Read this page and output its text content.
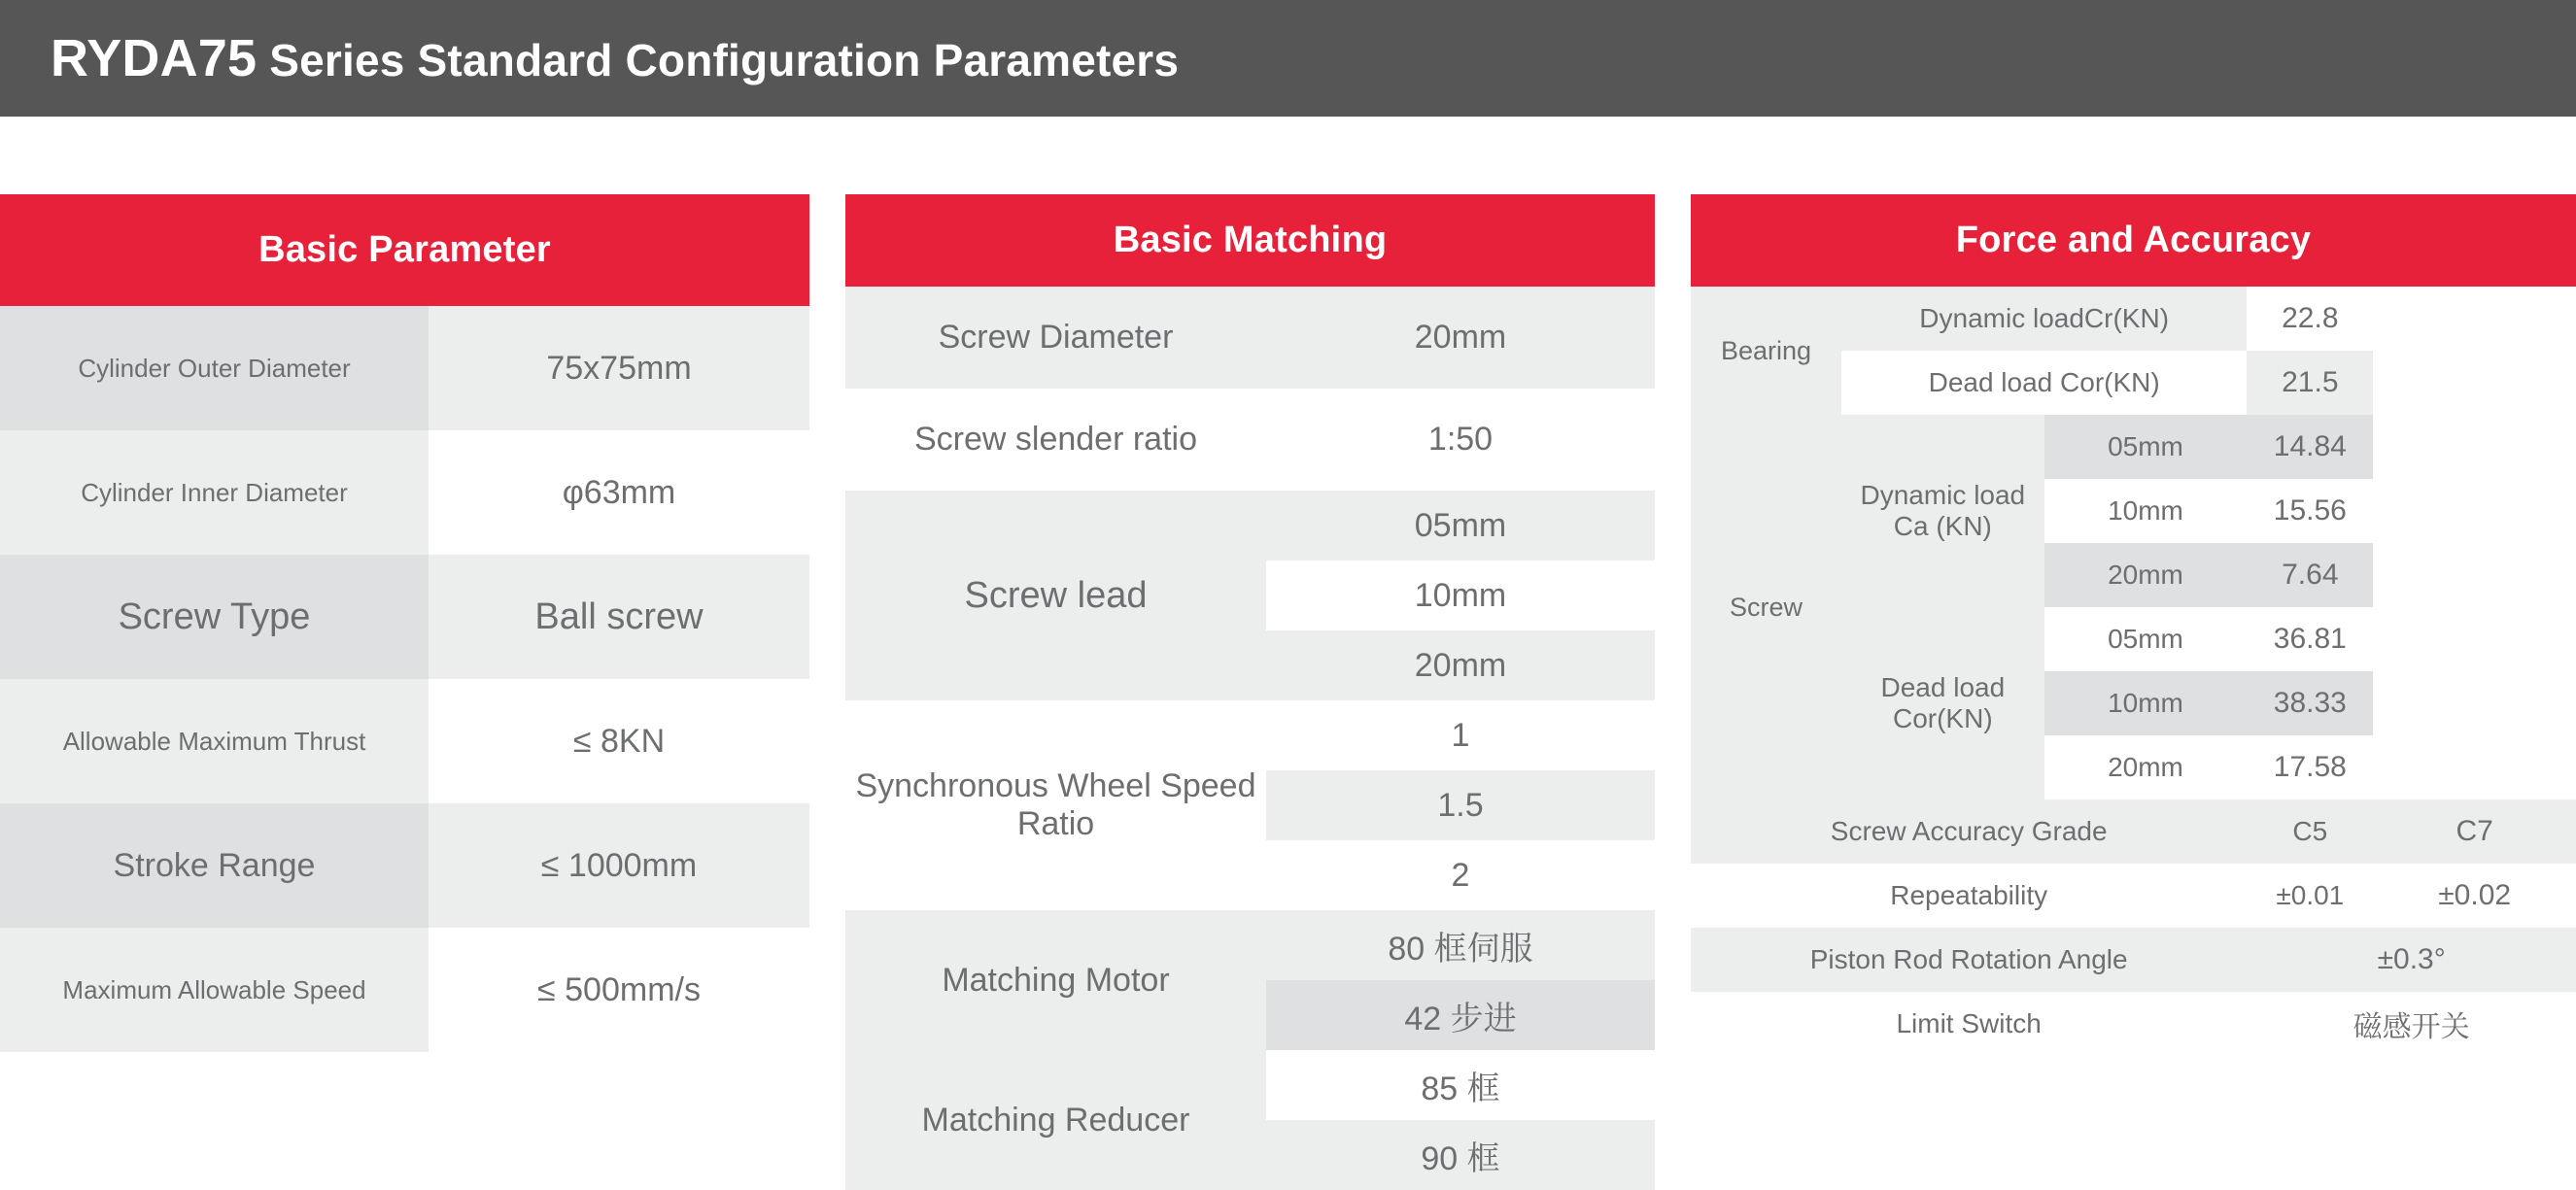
RYDA75 Series Standard Configuration Parameters
Basic Parameter
Cylinder Outer Diameter	75x75mm
Cylinder Inner Diameter	φ63mm
Screw Type	Ball screw
Allowable Maximum Thrust	≤ 8KN
Stroke Range	≤ 1000mm
Maximum Allowable Speed	≤ 500mm/s
Basic Matching
Screw Diameter	20mm
Screw slender ratio	1:50
Screw lead	05mm
	10mm
	20mm
Synchronous Wheel Speed Ratio	1
	1.5
	2
Matching Motor	80 框伺服
	42 步进
Matching Reducer	85 框
	90 框
Force and Accuracy
Bearing	Dynamic loadCr(KN)		22.8	
	Dead load Cor(KN)		21.5	
Screw	Dynamic load Ca (KN)	05mm	14.84	
		10mm	15.56	
		20mm	7.64	
	Dead load Cor(KN)	05mm	36.81	
		10mm	38.33	
		20mm	17.58	
Screw Accuracy Grade			C5	C7
Repeatability			±0.01	±0.02
Piston Rod Rotation Angle			±0.3°	
Limit Switch			磁感开关	
